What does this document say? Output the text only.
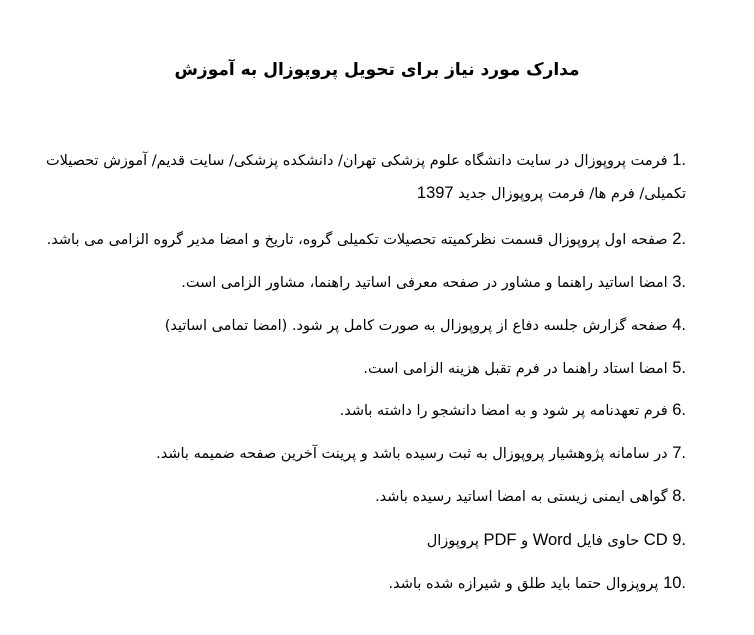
مدارک مورد نیاز برای تحویل پروپوزال به آموزش
1. فرمت پروپوزال در سایت دانشگاه علوم پزشکی تهران/ دانشکده پزشکی/ سایت قدیم/ آموزش تحصیلات
تکمیلی/ فرم ها/ فرمت پروپوزال جدید 1397
2. صفحه اول پروپوزال قسمت نظرکمیته تحصیلات تکمیلی گروه، تاریخ و امضا مدیر گروه الزامی می باشد.
3. امضا اساتید راهنما و مشاور در صفحه معرفی اساتید راهنما، مشاور الزامی است.
4. صفحه گزارش جلسه دفاع از پروپوزال به صورت کامل پر شود. (امضا تمامی اساتید)
5. امضا استاد راهنما در فرم تقبل هزینه الزامی است.
6. فرم تعهدنامه پر شود و به امضا دانشجو را داشته باشد.
7. در سامانه پژوهشیار پروپوزال به ثبت رسیده باشد و پرینت آخرین صفحه ضمیمه باشد.
8. گواهی ایمنی زیستی به امضا اساتید رسیده باشد.
9. CD حاوی فایل Word و PDF پروپوزال
10. پروپزوال حتما باید طلق و شیرازه شده باشد.
